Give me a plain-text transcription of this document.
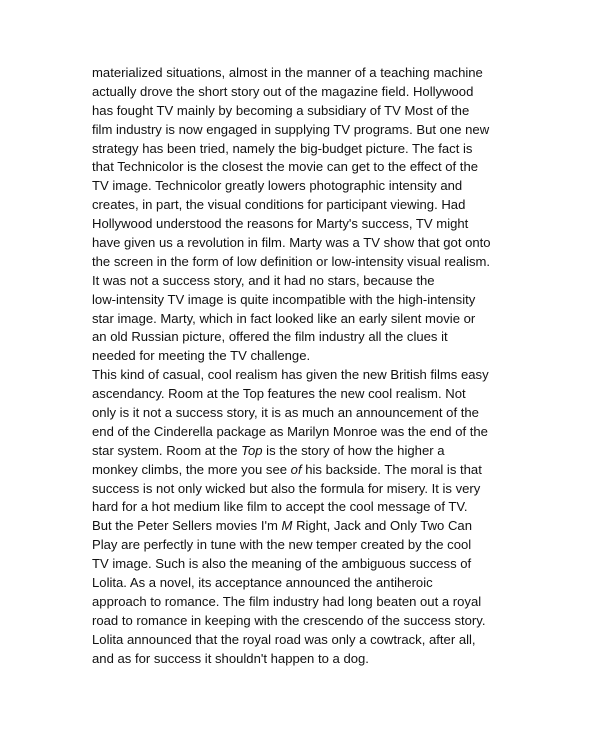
materialized situations, almost in the manner of a teaching machine
actually drove the short story out of the magazine field. Hollywood
has fought TV mainly by becoming a subsidiary of TV Most of the
film industry is now engaged in supplying TV programs. But one new
strategy has been tried, namely the big-budget picture. The fact is
that Technicolor is the closest the movie can get to the effect of the
TV image. Technicolor greatly lowers photographic intensity and
creates, in part, the visual conditions for participant viewing. Had
Hollywood understood the reasons for Marty's success, TV might
have given us a revolution in film. Marty was a TV show that got onto
the screen in the form of low definition or low-intensity visual realism.
It was not a success story, and it had no stars, because the
low-intensity TV image is quite incompatible with the high-intensity
star image. Marty, which in fact looked like an early silent movie or
an old Russian picture, offered the film industry all the clues it
needed for meeting the TV challenge.
This kind of casual, cool realism has given the new British films easy
ascendancy. Room at the Top features the new cool realism. Not
only is it not a success story, it is as much an announcement of the
end of the Cinderella package as Marilyn Monroe was the end of the
star system. Room at the Top is the story of how the higher a
monkey climbs, the more you see of his backside. The moral is that
success is not only wicked but also the formula for misery. It is very
hard for a hot medium like film to accept the cool message of TV.
But the Peter Sellers movies I'm M Right, Jack and Only Two Can
Play are perfectly in tune with the new temper created by the cool
TV image. Such is also the meaning of the ambiguous success of
Lolita. As a novel, its acceptance announced the antiheroic
approach to romance. The film industry had long beaten out a royal
road to romance in keeping with the crescendo of the success story.
Lolita announced that the royal road was only a cowtrack, after all,
and as for success it shouldn't happen to a dog.
